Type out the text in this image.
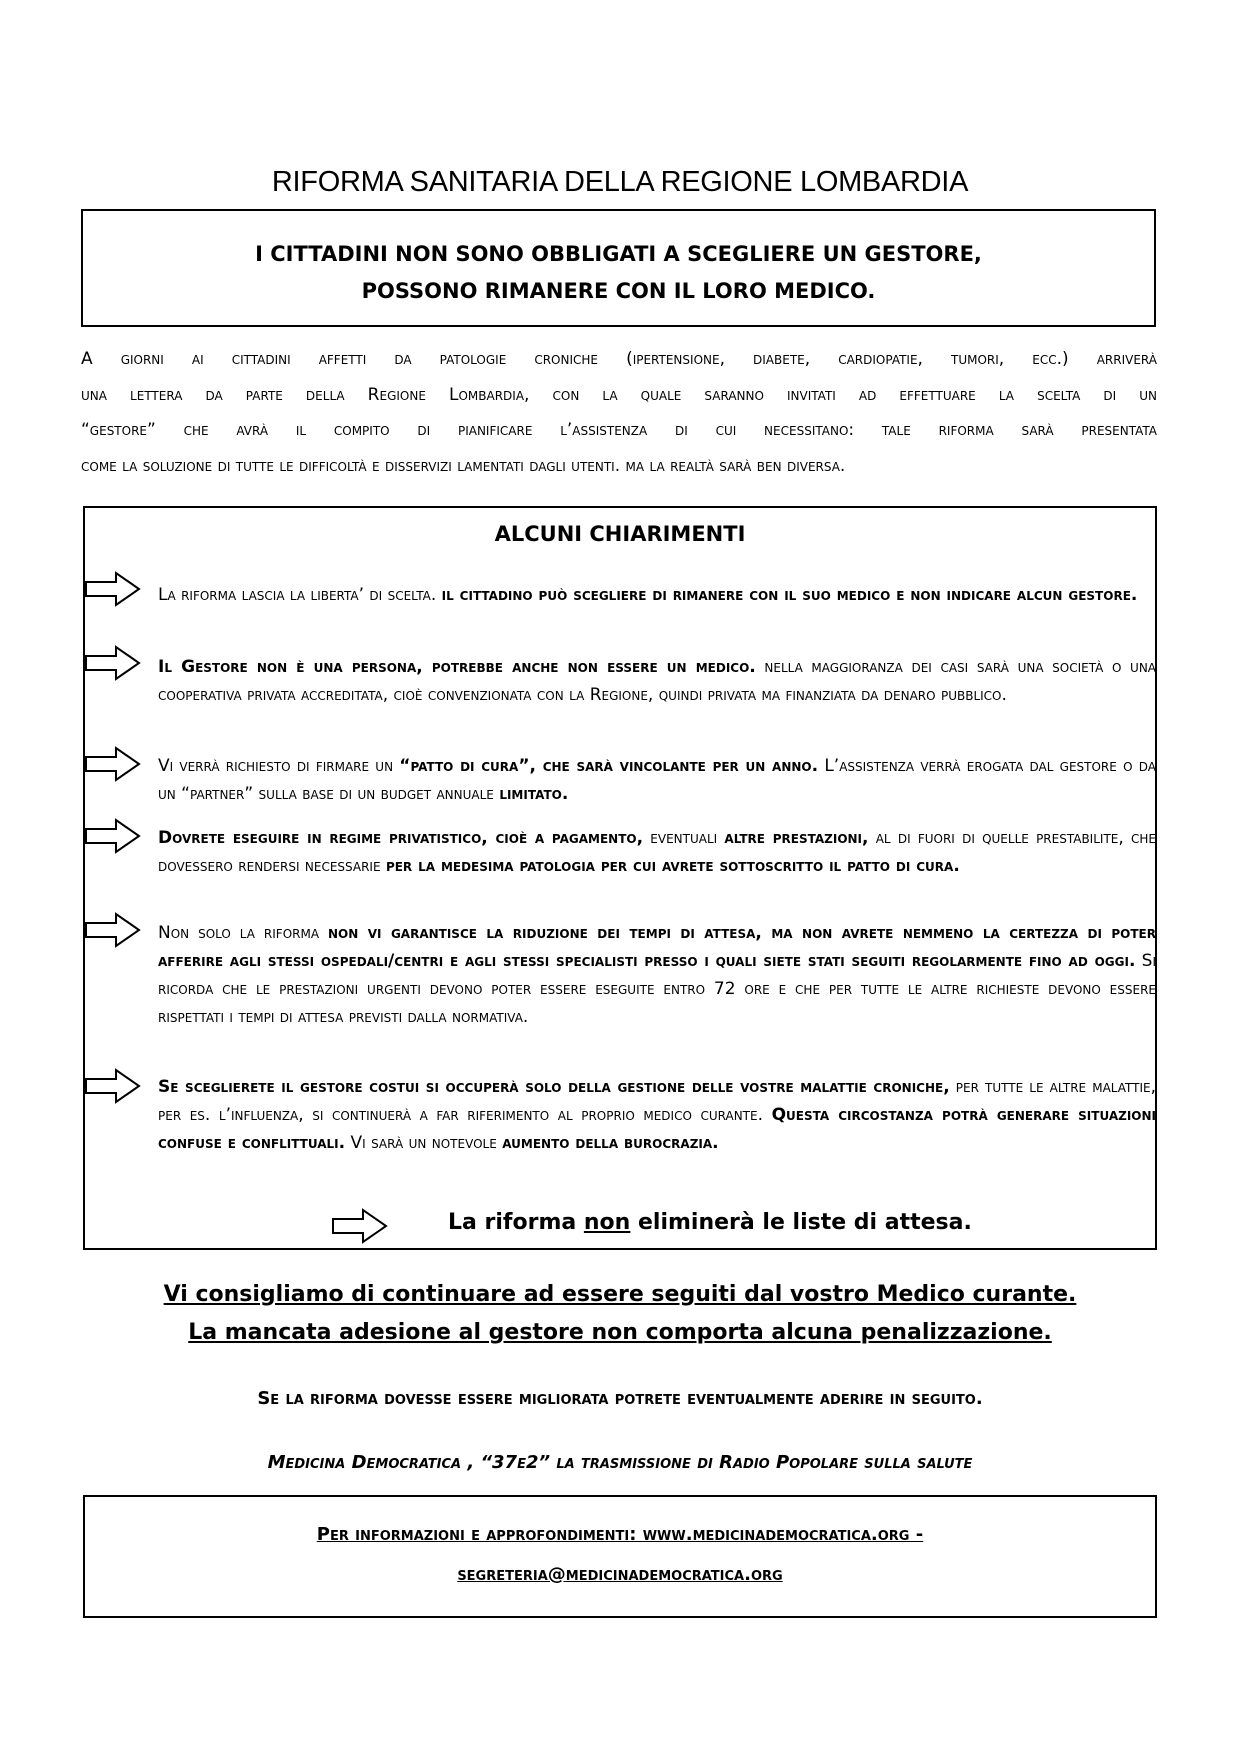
RIFORMA SANITARIA DELLA REGIONE LOMBARDIA
I CITTADINI NON SONO OBBLIGATI A SCEGLIERE UN GESTORE,
POSSONO RIMANERE CON IL LORO MEDICO.

A giorni ai cittadini affetti da patologie croniche (ipertensione, diabete, cardiopatie, tumori, ecc.) arriverà

una lettera da parte della Regione Lombardia, con la quale saranno invitati ad effettuare la scelta di un

“gestore” che avrà il compito di pianificare l’assistenza di cui necessitano: tale riforma sarà presentata

come la soluzione di tutte le difficoltà e disservizi lamentati dagli utenti. ma la realtà sarà ben diversa.

ALCUNI CHIARIMENTI
La riforma lascia la liberta’ di scelta. il cittadino può scegliere di rimanere con il suo medico e non indicare alcun gestore.
Il Gestore non è una persona, potrebbe anche non essere un medico. nella maggioranza dei casi sarà una società o una cooperativa privata accreditata, cioè convenzionata con la Regione, quindi privata ma finanziata da denaro pubblico.
Vi verrà richiesto di firmare un “patto di cura”, che sarà vincolante per un anno. L’assistenza verrà erogata dal gestore o da un “partner” sulla base di un budget annuale limitato.
Dovrete eseguire in regime privatistico, cioè a pagamento, eventuali altre prestazioni, al di fuori di quelle prestabilite, che dovessero rendersi necessarie per la medesima patologia per cui avrete sottoscritto il patto di cura.
Non solo la riforma non vi garantisce la riduzione dei tempi di attesa, ma non avrete nemmeno la certezza di poter afferire agli stessi ospedali/centri e agli stessi specialisti presso i quali siete stati seguiti regolarmente fino ad oggi. Si ricorda che le prestazioni urgenti devono poter essere eseguite entro 72 ore e che per tutte le altre richieste devono essere rispettati i tempi di attesa previsti dalla normativa.
Se sceglierete il gestore costui si occuperà solo della gestione delle vostre malattie croniche, per tutte le altre malattie, per es. l’influenza, si continuerà a far riferimento al proprio medico curante. Questa circostanza potrà generare situazioni confuse e conflittuali. Vi sarà un notevole aumento della burocrazia.
La riforma non eliminerà le liste di attesa.
Vi consigliamo di continuare ad essere seguiti dal vostro Medico curante.
La mancata adesione al gestore non comporta alcuna penalizzazione.
Se la riforma dovesse essere migliorata potrete eventualmente aderire in seguito.
Medicina Democratica , “37e2” la trasmissione di Radio Popolare sulla salute
Per informazioni e approfondimenti: www.medicinademocratica.org -
segreteria@medicinademocratica.org
